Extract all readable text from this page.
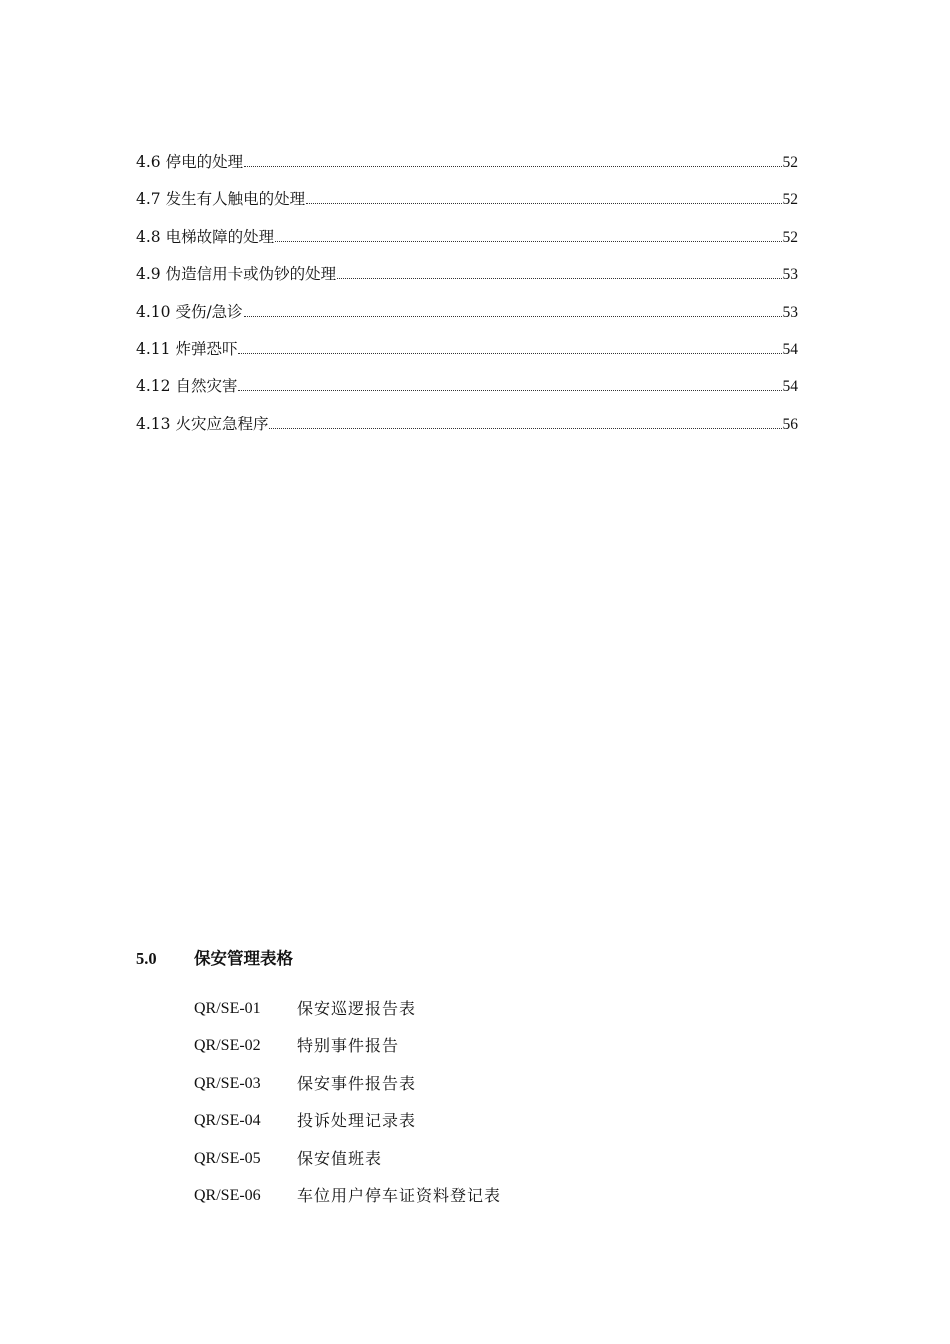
4.6 停电的处理	52
4.7 发生有人触电的处理	52
4.8 电梯故障的处理	52
4.9 伪造信用卡或伪钞的处理	53
4.10 受伤/急诊	53
4.11 炸弹恐吓	54
4.12 自然灾害	54
4.13 火灾应急程序	56
5.0	保安管理表格
QR/SE-01	保安巡逻报告表
QR/SE-02	特别事件报告
QR/SE-03	保安事件报告表
QR/SE-04	投诉处理记录表
QR/SE-05	保安值班表
QR/SE-06	车位用户停车证资料登记表
